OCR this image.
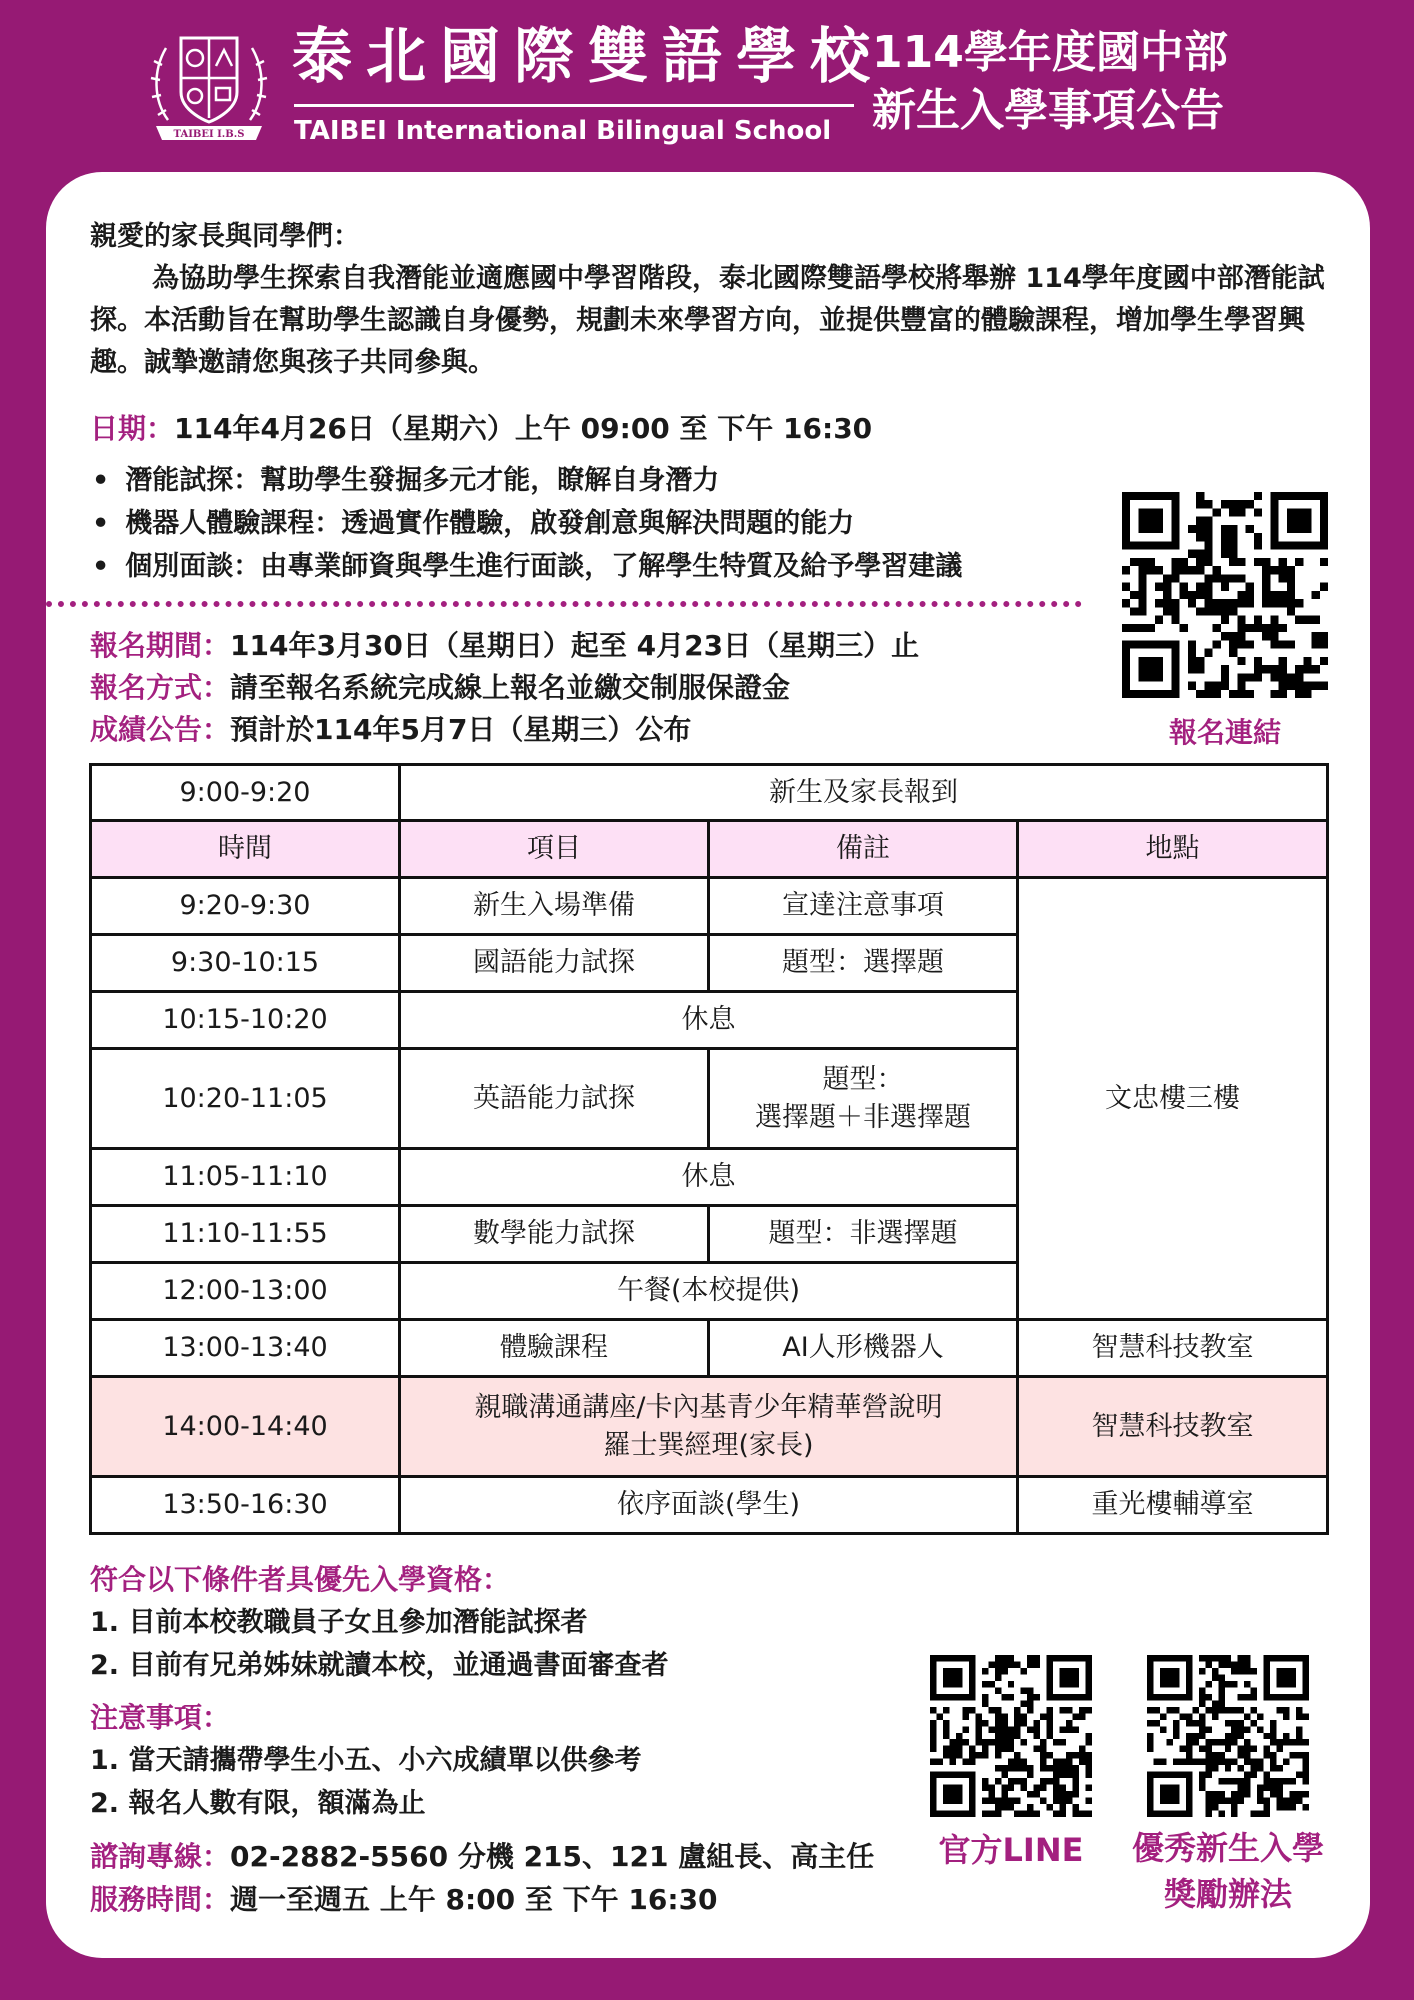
TAIBEI I.B.S
泰北國際雙語學校
TAIBEI International Bilingual School
114學年度國中部
新生入學事項公告

親愛的家長與同學們：

為協助學生探索自我潛能並適應國中學習階段，泰北國際雙語學校將舉辦 114學年度國中部潛能試探。本活動旨在幫助學生認識自身優勢，規劃未來學習方向，並提供豐富的體驗課程，增加學生學習興趣。誠摯邀請您與孩子共同參與。

日期：114年4月26日（星期六）上午 09:00 至 下午 16:30
• 潛能試探：幫助學生發掘多元才能，瞭解自身潛力
• 機器人體驗課程：透過實作體驗，啟發創意與解決問題的能力
• 個別面談：由專業師資與學生進行面談，了解學生特質及給予學習建議
報名期間：114年3月30日（星期日）起至 4月23日（星期三）止
報名方式：請至報名系統完成線上報名並繳交制服保證金
成績公告：預計於114年5月7日（星期三）公布	報名連結
9:00-9:20	新生及家長報到		
時間	項目	備註	地點
9:20-9:30	新生入場準備	宣達注意事項	文忠樓三樓
9:30-10:15	國語能力試探	題型：選擇題	
10:15-10:20	休息		
10:20-11:05	英語能力試探	題型：
選擇題＋非選擇題	

11:05-11:10	休息		
11:10-11:55	數學能力試探	題型：非選擇題	
12:00-13:00	午餐(本校提供)		
13:00-13:40	體驗課程	AI人形機器人	智慧科技教室
14:00-14:40	親職溝通講座/卡內基青少年精華營說明
羅士巽經理(家長)		智慧科技教室
13:50-16:30	依序面談(學生)		重光樓輔導室
符合以下條件者具優先入學資格：
1. 目前本校教職員子女且參加潛能試探者
2. 目前有兄弟姊妹就讀本校，並通過書面審查者
注意事項：
1. 當天請攜帶學生小五、小六成績單以供參考
2. 報名人數有限，額滿為止
諮詢專線：02-2882-5560 分機 215、121 盧組長、高主任
服務時間：週一至週五 上午 8:00 至 下午 16:30
官方LINE	優秀新生入學
獎勵辦法
